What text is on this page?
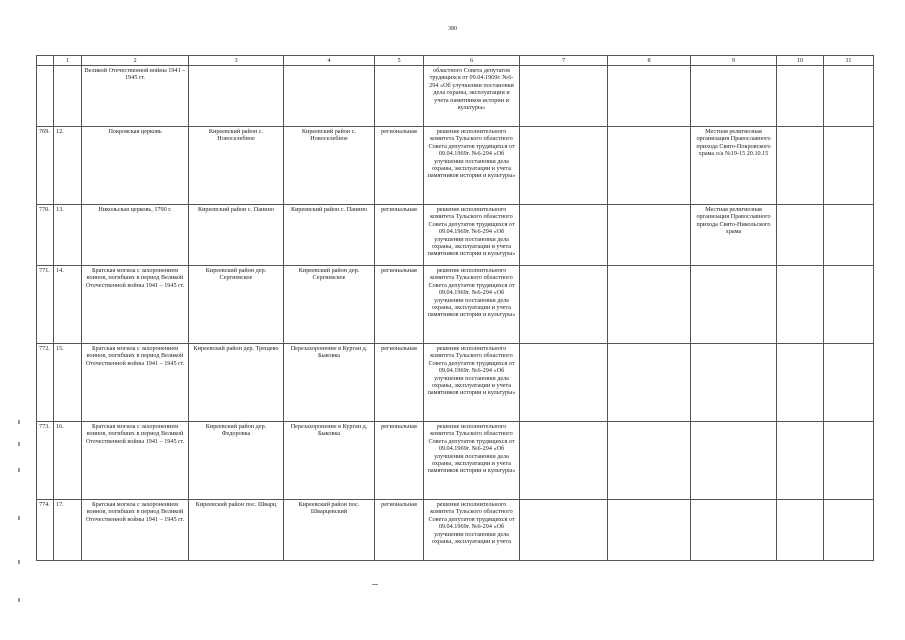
380
	1	2	3	4	5	6	7	8	9	10	11
		Великой Отечественной войны 1941 – 1945 гг.				областного Совета депутатов трудящихся от 09.04.1969г. №6-294 «Об улучшении постановки дела охраны, эксплуатации и учета памятников истории и культуры»					
769.	12.	Покровская церковь	Киреевский район с. Новоселебное	Киреевский район с. Новоселебное	региональная	решение исполнительного комитета Тульского областного Совета депутатов трудящихся от 09.04.1969г. №6-294 «Об улучшении постановки дела охраны, эксплуатации и учета памятников истории и культуры»			Местная религиозная организация Православного прихода Свято-Покровского храма о/а №19-15 20.10.15		
770.	13.	Никольская церковь, 1790 г.	Киреевский район с. Панино	Киреевский район с. Панино	региональная	решение исполнительного комитета Тульского областного Совета депутатов трудящихся от 09.04.1969г. №6-294 «Об улучшении постановки дела охраны, эксплуатации и учета памятников истории и культуры»			Местная религиозная организация Православного прихода Свято-Никольского храма		
771.	14.	Братская могила с захоронением воинов, погибших в период Великой Отечественной войны 1941 – 1945 гг.	Киреевский район дер. Сергиевское	Киреевский район дер. Сергиевское	региональная	решение исполнительного комитета Тульского областного Совета депутатов трудящихся от 09.04.1969г. №6-294 «Об улучшении постановки дела охраны, эксплуатации и учета памятников истории и культуры»					
772.	15.	Братская могила с захоронением воинов, погибших в период Великой Отечественной войны 1941 – 1945 гг.	Киреевский район дер. Трещево	Перезахоронение в Курган д. Быковка	региональная	решение исполнительного комитета Тульского областного Совета депутатов трудящихся от 09.04.1969г. №6-294 «Об улучшении постановки дела охраны, эксплуатации и учета памятников истории и культуры»					
773.	16.	Братская могила с захоронением воинов, погибших в период Великой Отечественной войны 1941 – 1945 гг.	Киреевский район дер. Федоровка	Перезахоронение в Курган д. Быковка	региональная	решение исполнительного комитета Тульского областного Совета депутатов трудящихся от 09.04.1969г. №6-294 «Об улучшении постановки дела охраны, эксплуатации и учета памятников истории и культуры»					
774.	17.	Братская могила с захоронением воинов, погибших в период Великой Отечественной войны 1941 – 1945 гг.	Киреевский район пос. Шварц	Киреевский район пос. Шварцевский	региональная	решение исполнительного комитета Тульского областного Совета депутатов трудящихся от 09.04.1969г. №6-294 «Об улучшении постановки дела охраны, эксплуатации и учета					
